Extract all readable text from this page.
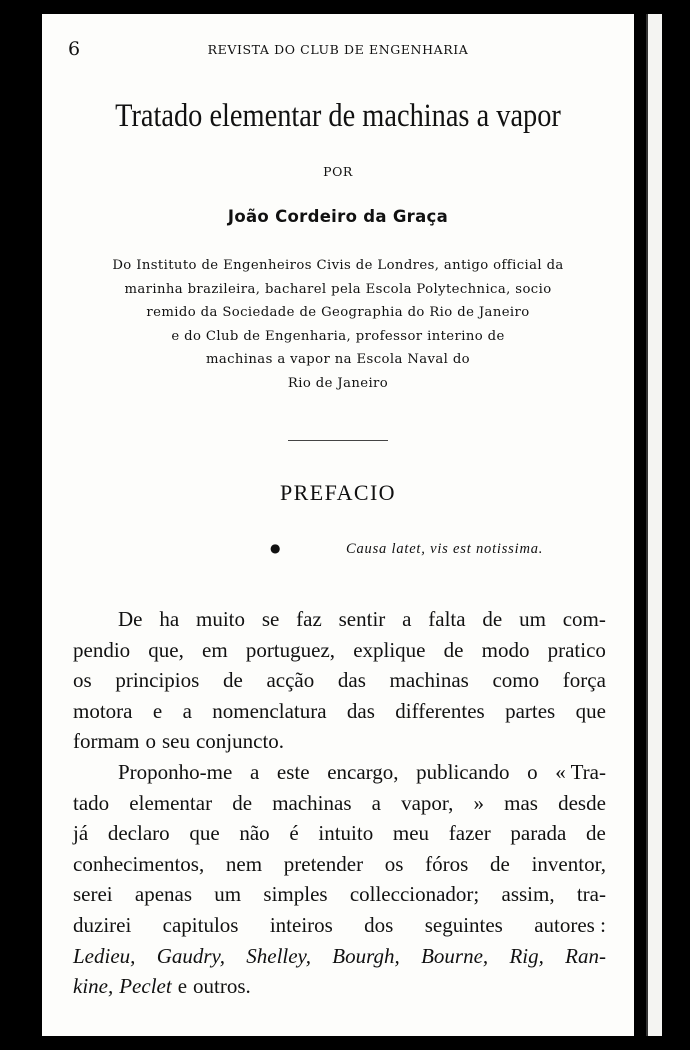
6	REVISTA DO CLUB DE ENGENHARIA
Tratado elementar de machinas a vapor
POR
João Cordeiro da Graça
Do Instituto de Engenheiros Civis de Londres, antigo official da
marinha brazileira, bacharel pela Escola Polytechnica, socio
remido da Sociedade de Geographia do Rio de Janeiro
e do Club de Engenharia, professor interino de
machinas a vapor na Escola Naval do
Rio de Janeiro
PREFACIO
●	Causa latet, vis est notissima.
De ha muito se faz sentir a falta de um com-
pendio que, em portuguez, explique de modo pratico
os principios de acçãо das machinas como força
motora e a nomenclatura das differentes partes que
formam o seu conjuncto.
Proponho-me a este encargo, publicando o « Tra-
tado elementar de machinas a vapor, » mas desde
já declaro que não é intuito meu fazer parada de
conhecimentos, nem pretender os fóros de inventor,
serei apenas um simples colleccionador; assim, tra-
duzirei capitulos inteiros dos seguintes autores :
Ledieu, Gaudry, Shelley, Bourgh, Bourne, Rig, Ran-
kine, Peclet e outros.
